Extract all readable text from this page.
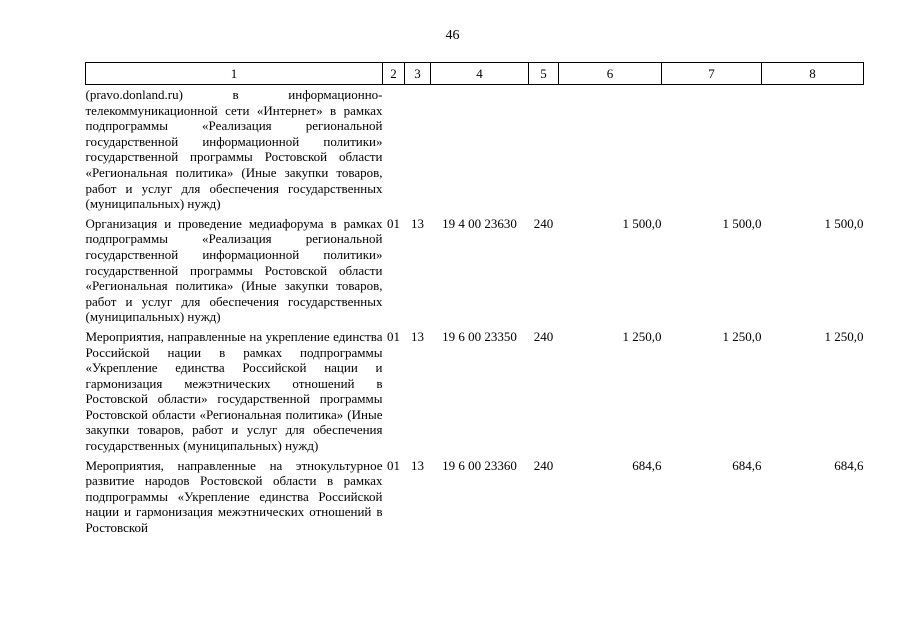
46
1	2	3	4	5	6	7	8
(pravo.donland.ru) в информационно-телекоммуникационной сети «Интернет» в рамках подпрограммы «Реализация региональной государственной информационной политики» государственной программы Ростовской области «Региональная политика» (Иные закупки товаров, работ и услуг для обеспечения государственных (муниципальных) нужд)							
Организация и проведение медиафорума в рамках подпрограммы «Реализация региональной государственной информационной политики» государственной программы Ростовской области «Региональная политика» (Иные закупки товаров, работ и услуг для обеспечения государственных (муниципальных) нужд)	01	13	19 4 00 23630	240	1 500,0	1 500,0	1 500,0
Мероприятия, направленные на укрепление единства Российской нации в рамках подпрограммы «Укрепление единства Российской нации и гармонизация межэтнических отношений в Ростовской области» государственной программы Ростовской области «Региональная политика» (Иные закупки товаров, работ и услуг для обеспечения государственных (муниципальных) нужд)	01	13	19 6 00 23350	240	1 250,0	1 250,0	1 250,0
Мероприятия, направленные на этнокультурное развитие народов Ростовской области в рамках подпрограммы «Укрепление единства Российской нации и гармонизация межэтнических отношений в Ростовской	01	13	19 6 00 23360	240	684,6	684,6	684,6
